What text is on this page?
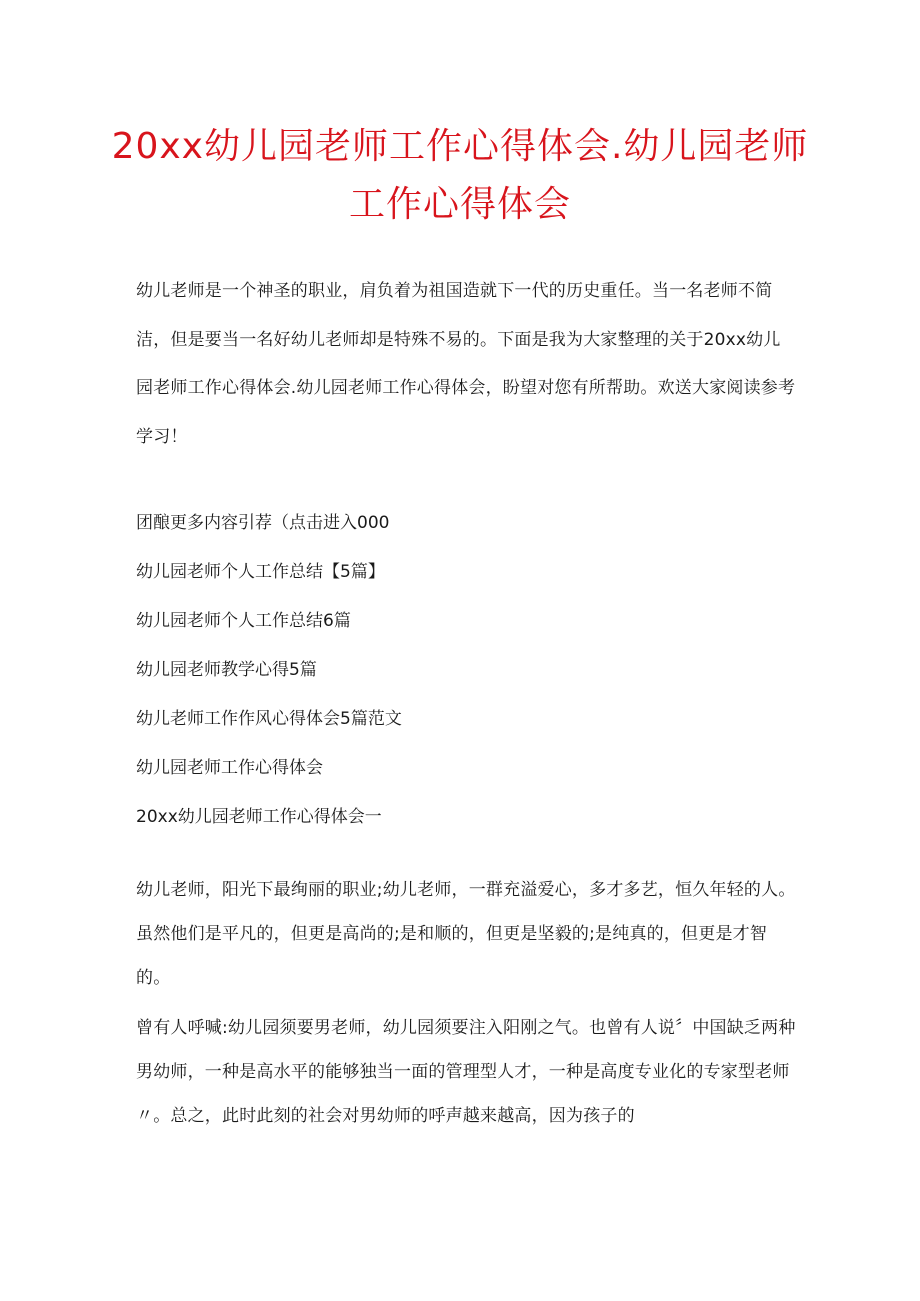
20xx幼儿园老师工作心得体会.幼儿园老师工作心得体会

幼儿老师是一个神圣的职业，肩负着为祖国造就下一代的历史重任。当一名老师不简洁，但是要当一名好幼儿老师却是特殊不易的。下面是我为大家整理的关于20xx幼儿园老师工作心得体会.幼儿园老师工作心得体会，盼望对您有所帮助。欢送大家阅读参考学习！

团酿更多内容引荐（点击进入000
幼儿园老师个人工作总结【5篇】
幼儿园老师个人工作总结6篇
幼儿园老师教学心得5篇
幼儿老师工作作风心得体会5篇范文
幼儿园老师工作心得体会
20xx幼儿园老师工作心得体会一

幼儿老师，阳光下最绚丽的职业;幼儿老师，一群充溢爱心，多才多艺，恒久年轻的人。虽然他们是平凡的，但更是高尚的;是和顺的，但更是坚毅的;是纯真的，但更是才智的。

曾有人呼喊:幼儿园须要男老师，幼儿园须要注入阳刚之气。也曾有人说〞中国缺乏两种男幼师，一种是高水平的能够独当一面的管理型人才，一种是高度专业化的专家型老师〃。总之，此时此刻的社会对男幼师的呼声越来越高，因为孩子的
